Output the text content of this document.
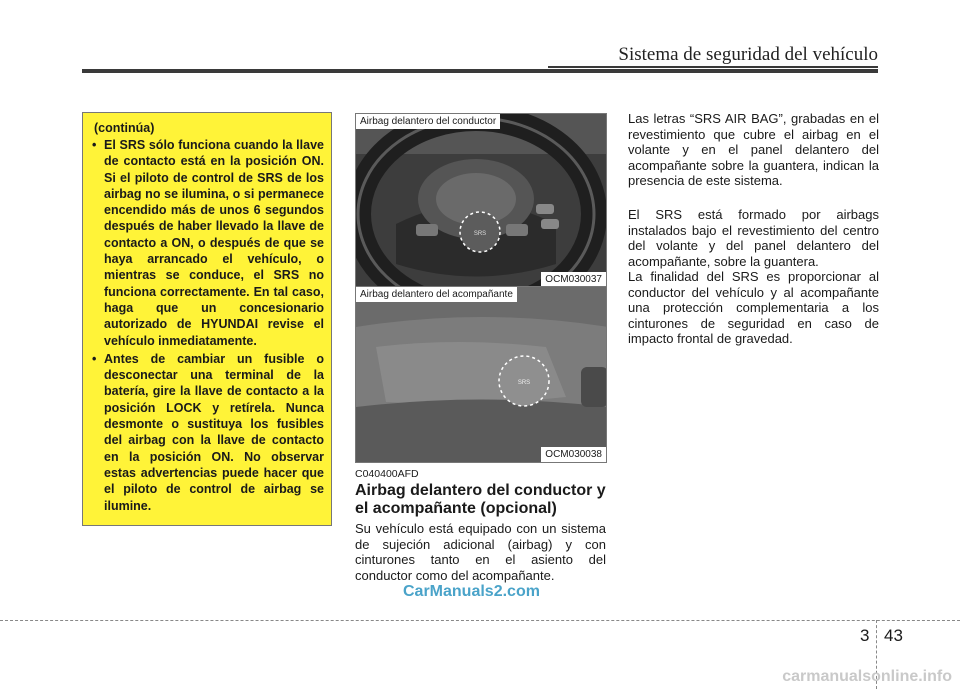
Sistema de seguridad del vehículo
(continúa)
• El SRS sólo funciona cuando la llave de contacto está en la posición ON. Si el piloto de control de SRS de los airbag no se ilumina, o si permanece encendido más de unos 6 segundos después de haber llevado la llave de contacto a ON, o después de que se haya arrancado el vehículo, o mientras se conduce, el SRS no funciona correctamente. En tal caso, haga que un concesionario autorizado de HYUNDAI revise el vehículo inmediatamente.
• Antes de cambiar un fusible o desconectar una terminal de la batería, gire la llave de contacto a la posición LOCK y retírela. Nunca desmonte o sustituya los fusibles del airbag con la llave de contacto en la posición ON. No observar estas advertencias puede hacer que el piloto de control de airbag se ilumine.
SRS
Airbag delantero del conductor
OCM030037
SRS
Airbag delantero del acompañante
OCM030038
C040400AFD
Airbag delantero del conductor y el acompañante (opcional)

Su vehículo está equipado con un sistema de sujeción adicional (airbag) y con cinturones tanto en el asiento del conductor como del acompañante.

Las letras “SRS AIR BAG”, grabadas en el revestimiento que cubre el airbag en el volante y en el panel delantero del acompañante sobre la guantera, indican la presencia de este sistema.

El SRS está formado por airbags instalados bajo el revestimiento del centro del volante y del panel delantero del acompañante, sobre la guantera.

La finalidad del SRS es proporcionar al conductor del vehículo y al acompañante una protección complementaria a los cinturones de seguridad en caso de impacto frontal de gravedad.

CarManuals2.com
3 43
carmanualsonline.info
